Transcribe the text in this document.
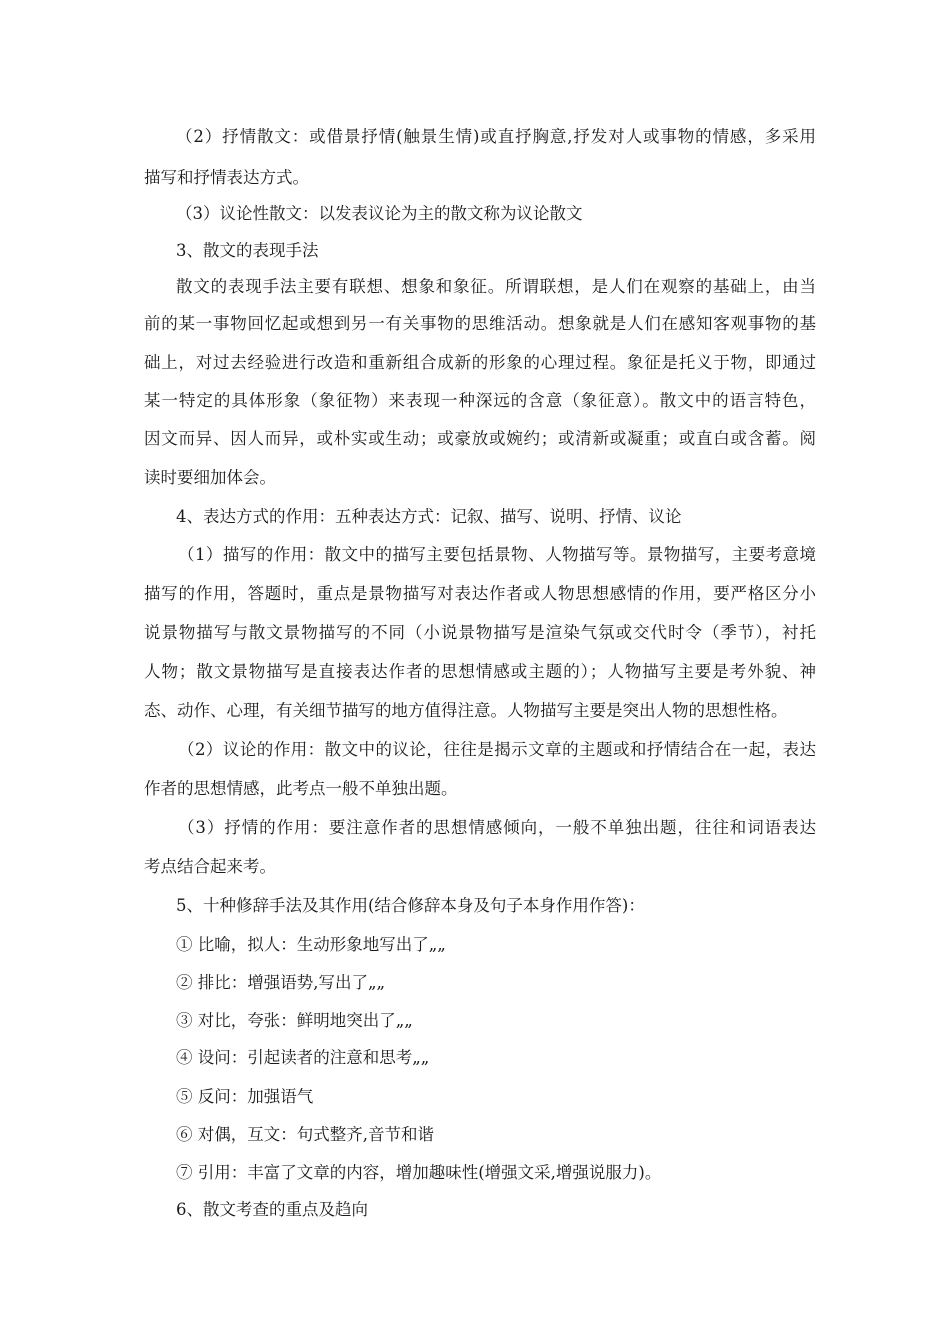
（2）抒情散文：或借景抒情(触景生情)或直抒胸意,抒发对人或事物的情感，多采用
描写和抒情表达方式。
（3）议论性散文：以发表议论为主的散文称为议论散文
3、散文的表现手法
散文的表现手法主要有联想、想象和象征。所谓联想，是人们在观察的基础上，由当
前的某一事物回忆起或想到另一有关事物的思维活动。想象就是人们在感知客观事物的基
础上，对过去经验进行改造和重新组合成新的形象的心理过程。象征是托义于物，即通过
某一特定的具体形象（象征物）来表现一种深远的含意（象征意）。散文中的语言特色，
因文而异、因人而异，或朴实或生动；或豪放或婉约；或清新或凝重；或直白或含蓄。阅
读时要细加体会。
4、表达方式的作用：五种表达方式：记叙、描写、说明、抒情、议论
（1）描写的作用：散文中的描写主要包括景物、人物描写等。景物描写，主要考意境
描写的作用，答题时，重点是景物描写对表达作者或人物思想感情的作用，要严格区分小
说景物描写与散文景物描写的不同（小说景物描写是渲染气氛或交代时令（季节），衬托
人物；散文景物描写是直接表达作者的思想情感或主题的）；人物描写主要是考外貌、神
态、动作、心理，有关细节描写的地方值得注意。人物描写主要是突出人物的思想性格。
（2）议论的作用：散文中的议论，往往是揭示文章的主题或和抒情结合在一起，表达
作者的思想情感，此考点一般不单独出题。
（3）抒情的作用：要注意作者的思想情感倾向，一般不单独出题，往往和词语表达
考点结合起来考。
5、十种修辞手法及其作用(结合修辞本身及句子本身作用作答)：
① 比喻，拟人：生动形象地写出了„„
② 排比：增强语势,写出了„„
③ 对比，夸张：鲜明地突出了„„
④ 设问：引起读者的注意和思考„„
⑤ 反问：加强语气
⑥ 对偶，互文：句式整齐,音节和谐
⑦ 引用：丰富了文章的内容，增加趣味性(增强文采,增强说服力)。
6、散文考查的重点及趋向
